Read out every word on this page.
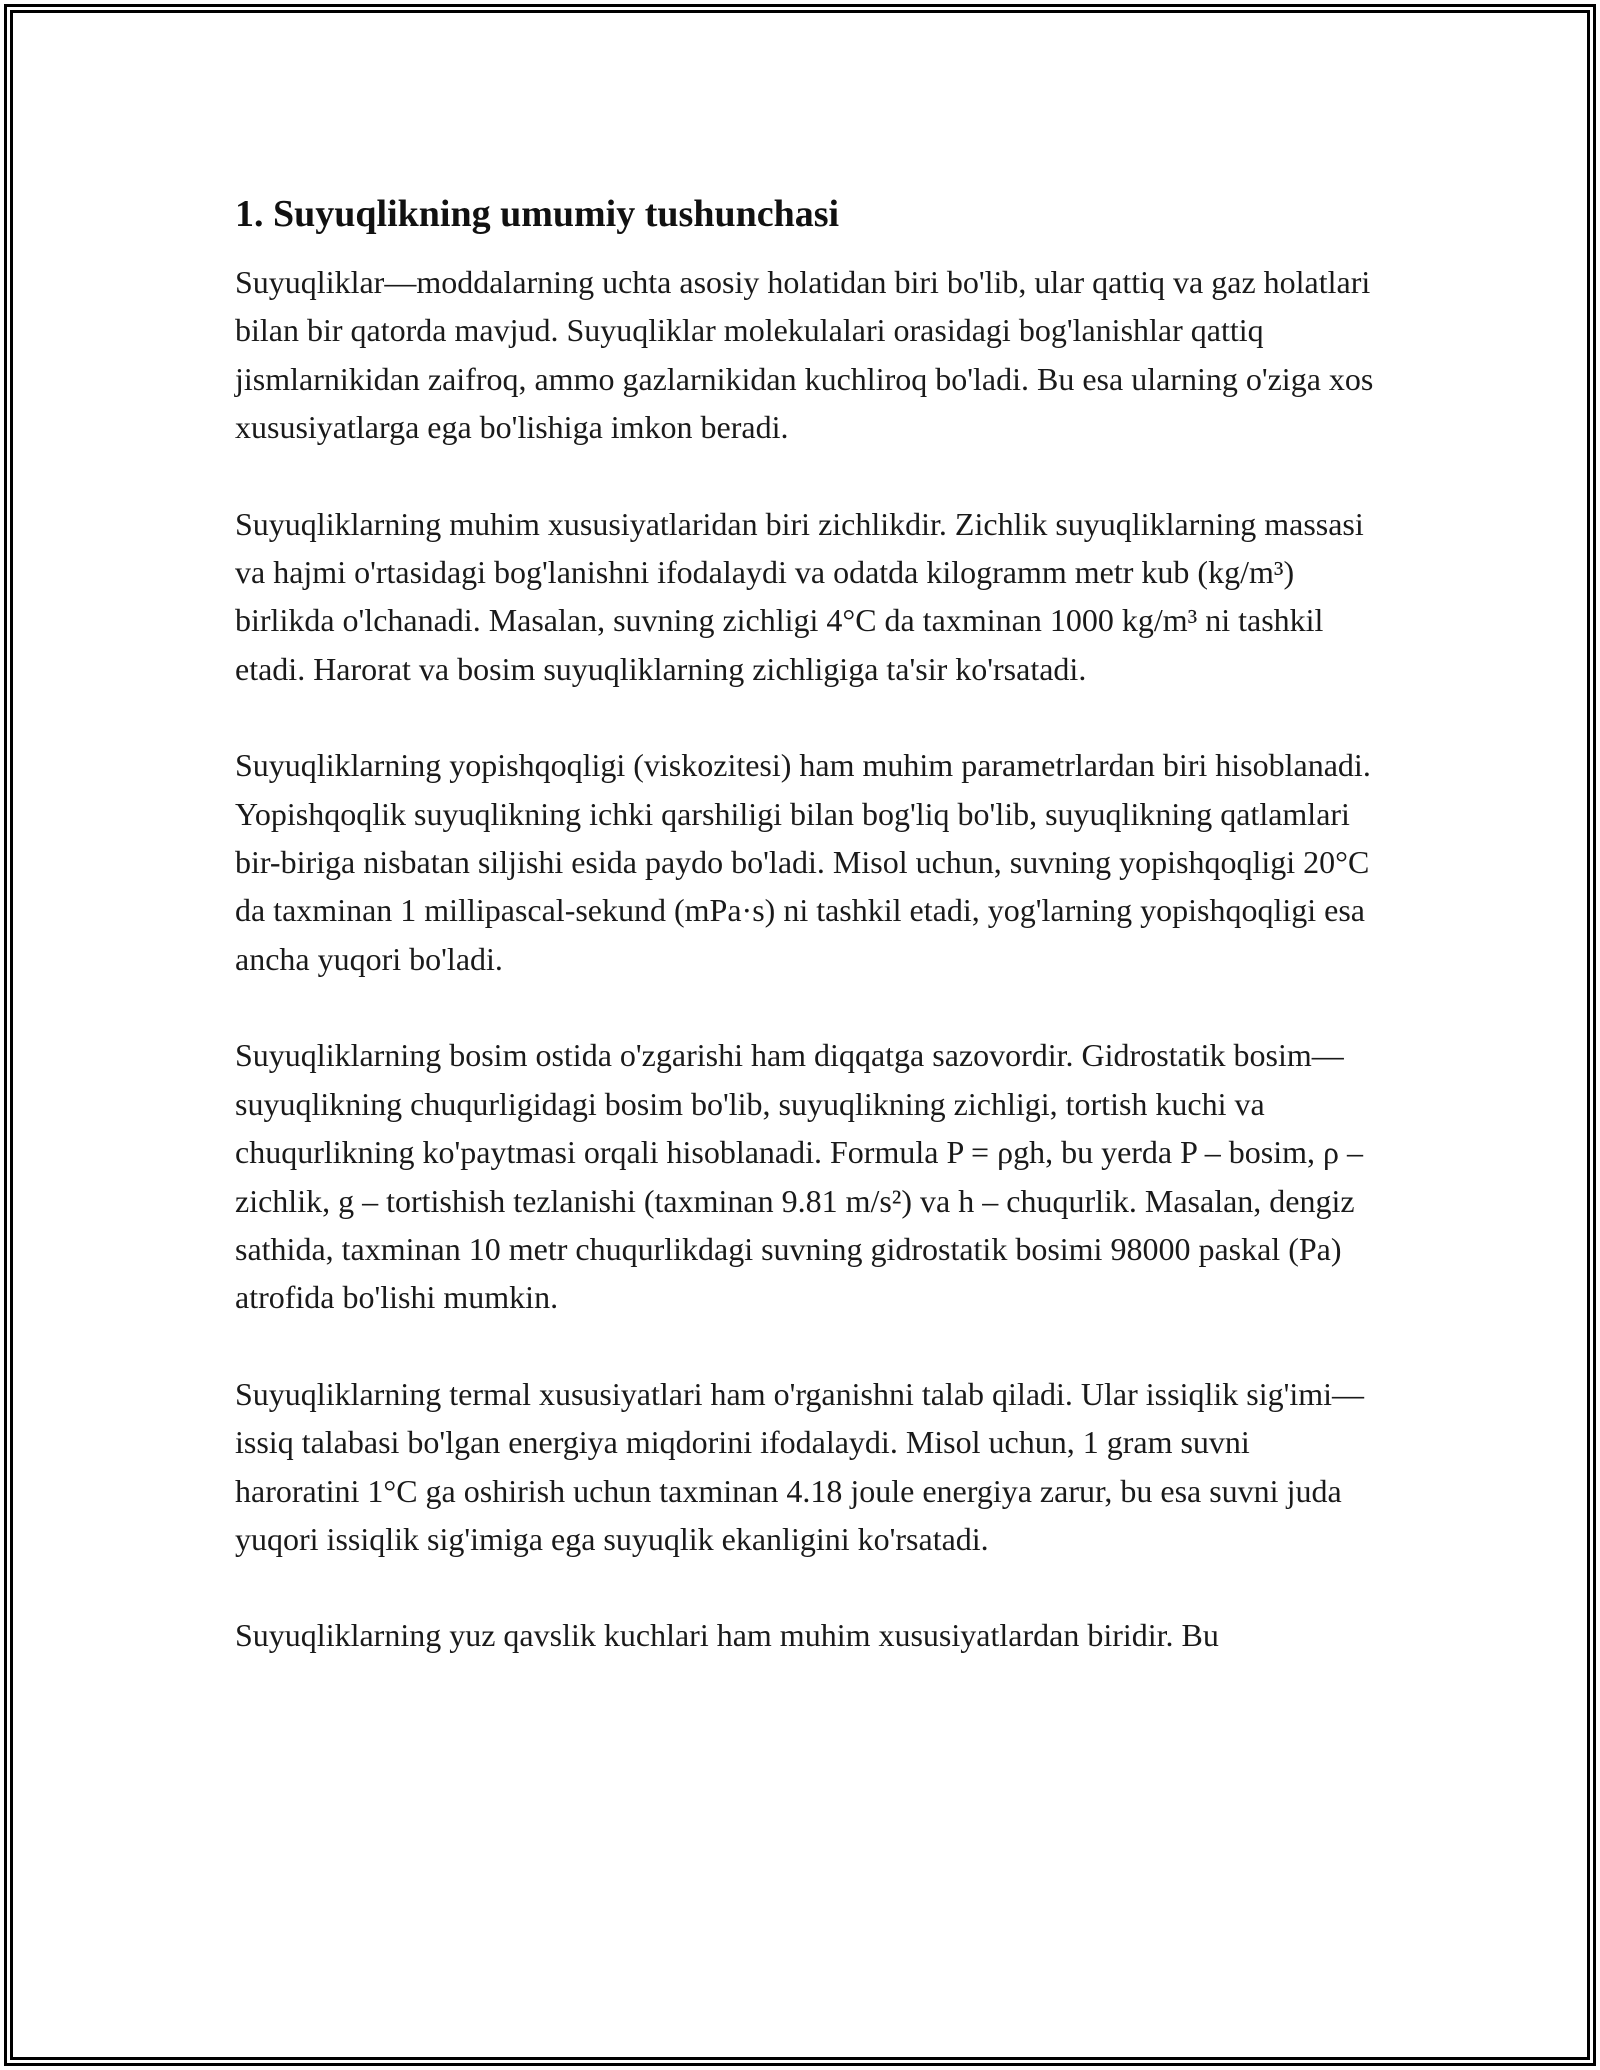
1. Suyuqlikning umumiy tushunchasi

Suyuqliklar—moddalarning uchta asosiy holatidan biri bo'lib, ular qattiq va gaz holatlari bilan bir qatorda mavjud. Suyuqliklar molekulalari orasidagi bog'lanishlar qattiq jismlarnikidan zaifroq, ammo gazlarnikidan kuchliroq bo'ladi. Bu esa ularning o'ziga xos xususiyatlarga ega bo'lishiga imkon beradi.

Suyuqliklarning muhim xususiyatlaridan biri zichlikdir. Zichlik suyuqliklarning massasi va hajmi o'rtasidagi bog'lanishni ifodalaydi va odatda kilogramm metr kub (kg/m³) birlikda o'lchanadi. Masalan, suvning zichligi 4°C da taxminan 1000 kg/m³ ni tashkil etadi. Harorat va bosim suyuqliklarning zichligiga ta'sir ko'rsatadi.

Suyuqliklarning yopishqoqligi (viskozitesi) ham muhim parametrlardan biri hisoblanadi. Yopishqoqlik suyuqlikning ichki qarshiligi bilan bog'liq bo'lib, suyuqlikning qatlamlari bir-biriga nisbatan siljishi esida paydo bo'ladi. Misol uchun, suvning yopishqoqligi 20°C da taxminan 1 millipascal-sekund (mPa·s) ni tashkil etadi, yog'larning yopishqoqligi esa ancha yuqori bo'ladi.

Suyuqliklarning bosim ostida o'zgarishi ham diqqatga sazovordir. Gidrostatik bosim—suyuqlikning chuqurligidagi bosim bo'lib, suyuqlikning zichligi, tortish kuchi va chuqurlikning ko'paytmasi orqali hisoblanadi. Formula P = ρgh, bu yerda P – bosim, ρ – zichlik, g – tortishish tezlanishi (taxminan 9.81 m/s²) va h – chuqurlik. Masalan, dengiz sathida, taxminan 10 metr chuqurlikdagi suvning gidrostatik bosimi 98000 paskal (Pa) atrofida bo'lishi mumkin.

Suyuqliklarning termal xususiyatlari ham o'rganishni talab qiladi. Ular issiqlik sig'imi—issiq talabasi bo'lgan energiya miqdorini ifodalaydi. Misol uchun, 1 gram suvni haroratini 1°C ga oshirish uchun taxminan 4.18 joule energiya zarur, bu esa suvni juda yuqori issiqlik sig'imiga ega suyuqlik ekanligini ko'rsatadi.

Suyuqliklarning yuz qavslik kuchlari ham muhim xususiyatlardan biridir. Bu
